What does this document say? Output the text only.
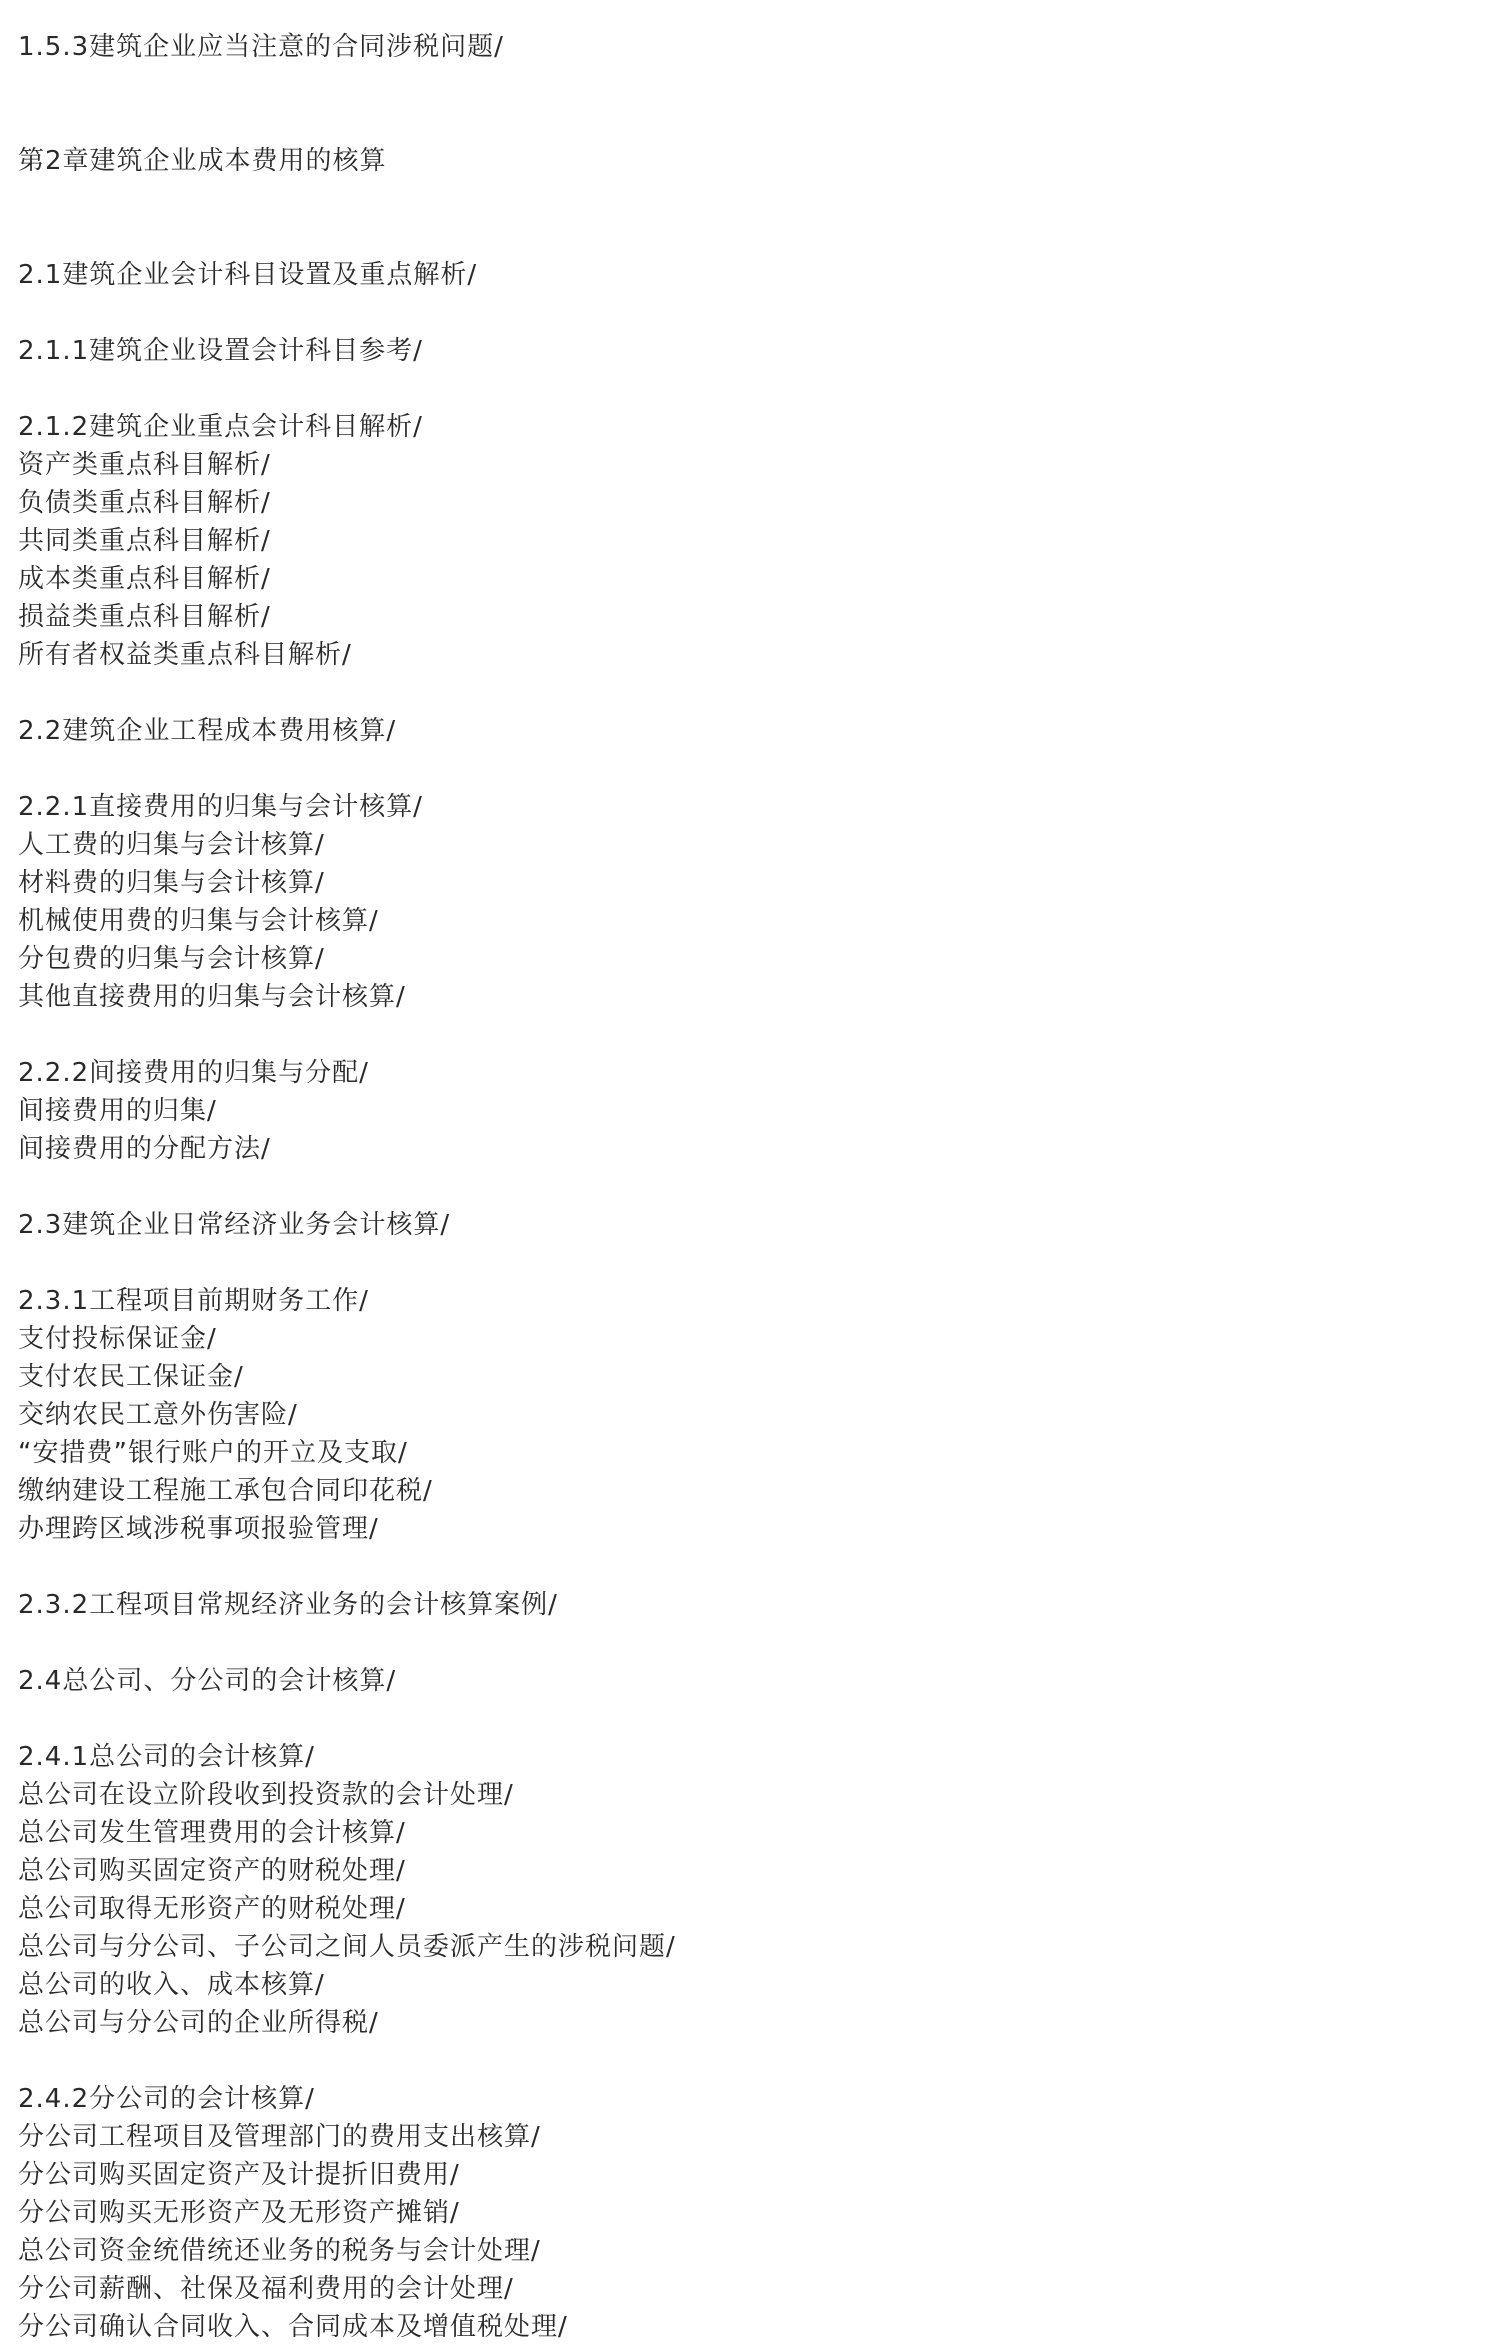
1.5.3建筑企业应当注意的合同涉税问题/
第2章建筑企业成本费用的核算
2.1建筑企业会计科目设置及重点解析/
2.1.1建筑企业设置会计科目参考/
2.1.2建筑企业重点会计科目解析/
资产类重点科目解析/
负债类重点科目解析/
共同类重点科目解析/
成本类重点科目解析/
损益类重点科目解析/
所有者权益类重点科目解析/
2.2建筑企业工程成本费用核算/
2.2.1直接费用的归集与会计核算/
人工费的归集与会计核算/
材料费的归集与会计核算/
机械使用费的归集与会计核算/
分包费的归集与会计核算/
其他直接费用的归集与会计核算/
2.2.2间接费用的归集与分配/
间接费用的归集/
间接费用的分配方法/
2.3建筑企业日常经济业务会计核算/
2.3.1工程项目前期财务工作/
支付投标保证金/
支付农民工保证金/
交纳农民工意外伤害险/
“安措费”银行账户的开立及支取/
缴纳建设工程施工承包合同印花税/
办理跨区域涉税事项报验管理/
2.3.2工程项目常规经济业务的会计核算案例/
2.4总公司、分公司的会计核算/
2.4.1总公司的会计核算/
总公司在设立阶段收到投资款的会计处理/
总公司发生管理费用的会计核算/
总公司购买固定资产的财税处理/
总公司取得无形资产的财税处理/
总公司与分公司、子公司之间人员委派产生的涉税问题/
总公司的收入、成本核算/
总公司与分公司的企业所得税/
2.4.2分公司的会计核算/
分公司工程项目及管理部门的费用支出核算/
分公司购买固定资产及计提折旧费用/
分公司购买无形资产及无形资产摊销/
总公司资金统借统还业务的税务与会计处理/
分公司薪酬、社保及福利费用的会计处理/
分公司确认合同收入、合同成本及增值税处理/
